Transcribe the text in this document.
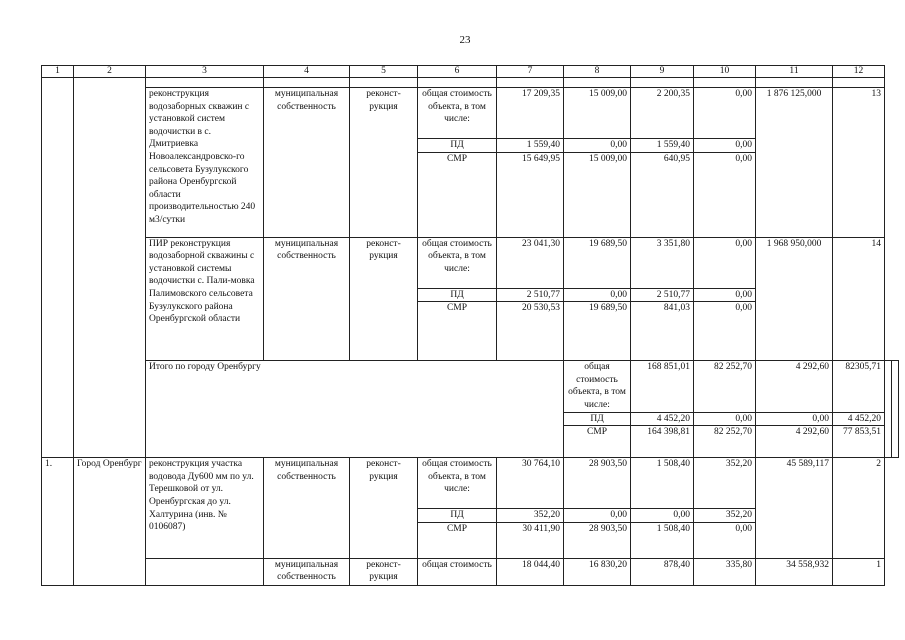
23
1	2	3	4	5	6	7	8	9	10	11	12		

		реконструкция водозаборных скважин с установкой систем водочистки в с. Дмитриевка Новоалександровско-го сельсовета Бузулукского района Оренбургской области производительностью 240 м3/сутки	муниципальная собственность	реконст-рукция	общая стоимость объекта, в том числе:	17 209,35	15 009,00	2 200,35	0,00	1 876 125,000	13		
					ПД	1 559,40	0,00	1 559,40	0,00				
					СМР	15 649,95	15 009,00	640,95	0,00				
		ПИР реконструкция водозаборной скважины с установкой системы водочистки с. Пали-мовка Палимовского сельсовета Бузулукского района Оренбургской области	муниципальная собственность	реконст-рукция	общая стоимость объекта, в том числе:	23 041,30	19 689,50	3 351,80	0,00	1 968 950,000	14		
					ПД	2 510,77	0,00	2 510,77	0,00				
					СМР	20 530,53	19 689,50	841,03	0,00				
		Итого по городу Оренбургу					общая стоимость объекта, в том числе:	168 851,01	82 252,70	4 292,60	82305,71		
							ПД	4 452,20	0,00	0,00	4 452,20		
							СМР	164 398,81	82 252,70	4 292,60	77 853,51		
1.	Город Оренбург	реконструкция участка водовода Ду600 мм по ул. Терешковой от ул. Оренбургская до ул. Халтурина (инв. № 0106087)	муниципальная собственность	реконст-рукция	общая стоимость объекта, в том числе:	30 764,10	28 903,50	1 508,40	352,20	45 589,117	2		
					ПД	352,20	0,00	0,00	352,20				
					СМР	30 411,90	28 903,50	1 508,40	0,00				
			муниципальная собственность	реконст-рукция	общая стоимость	18 044,40	16 830,20	878,40	335,80	34 558,932	1		
